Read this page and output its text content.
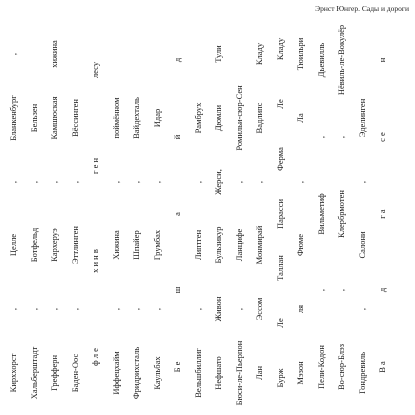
Эрнст Юнгер. Сады и дороги
Кирххорст
,
Целле
,
Бланкенбург
,
Хальберштадт
,
Ботфельд
,
Бельзен
Грефферн
,
Кархеруэ
,
Камшюская
хижина
Баден-Оос
,
Эттлинген
,
Вёссинген
ф л е
х и н в
г е н
лесу
Иффецхайм
,
Хижина
,
поймённом
Фридрихсталь
,
Шпайер
,
Вайдехталь
Каульбах
,
Грумбах
,
Идар
Б е
ш
а
й
д
Вельшбиллиг
,
Липтген
,
Рамбрух
Нефшато
Живон
Бульзикур
Жерси,
Дюмли
Тули
Бюси-ле-Пьерпон
,
Ланцифе
,
Ромильи-сюр-Сен
Лан
Эссом
Монмирай
,
Вадлипс
Кладу
Бурж
Ле
Таллан
Парасси
Ферма
Ле
Кладу
Мэзон
ля
Фюме
,
Ла
Тюильри
Пели-Кодон
,
Вильметиф
,
Дьевилль
Во-сюр-Блэз
,
Клербрмотен
,
Нёвиль-ле-Вокулёр
Гондревиль
,
Салони
,
Эделинген
В а
д
г а
с е
н
